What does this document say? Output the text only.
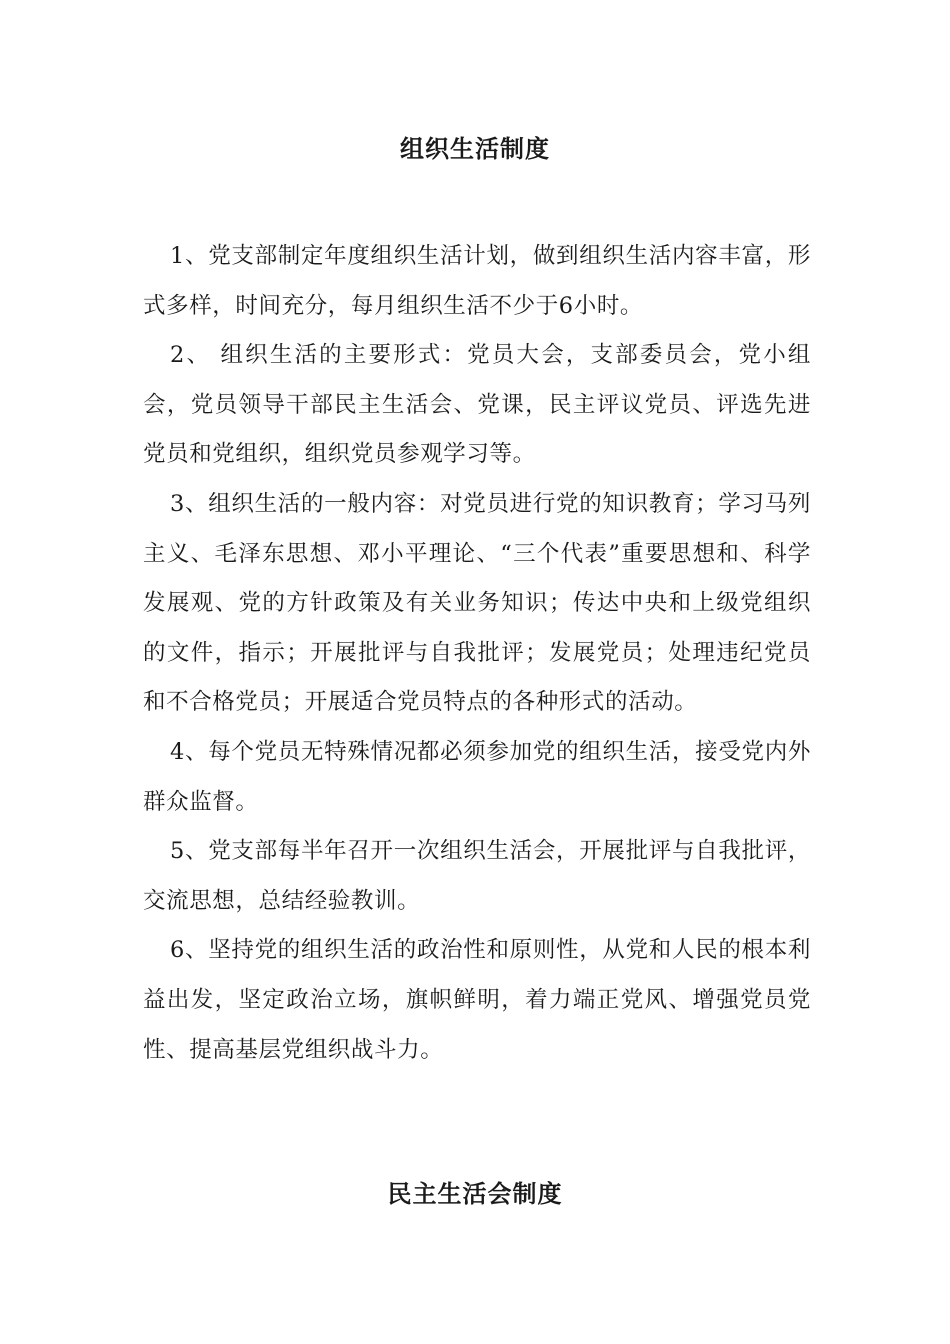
组织生活制度

1、党支部制定年度组织生活计划，做到组织生活内容丰富，形式多样，时间充分，每月组织生活不少于6小时。

2、 组织生活的主要形式：党员大会，支部委员会，党小组会，党员领导干部民主生活会、党课，民主评议党员、评选先进党员和党组织，组织党员参观学习等。

3、组织生活的一般内容：对党员进行党的知识教育；学习马列主义、毛泽东思想、邓小平理论、“三个代表”重要思想和、科学发展观、党的方针政策及有关业务知识；传达中央和上级党组织的文件，指示；开展批评与自我批评；发展党员；处理违纪党员和不合格党员；开展适合党员特点的各种形式的活动。

4、每个党员无特殊情况都必须参加党的组织生活，接受党内外群众监督。

5、党支部每半年召开一次组织生活会，开展批评与自我批评，交流思想，总结经验教训。

6、坚持党的组织生活的政治性和原则性，从党和人民的根本利益出发，坚定政治立场，旗帜鲜明，着力端正党风、增强党员党性、提高基层党组织战斗力。

民主生活会制度
